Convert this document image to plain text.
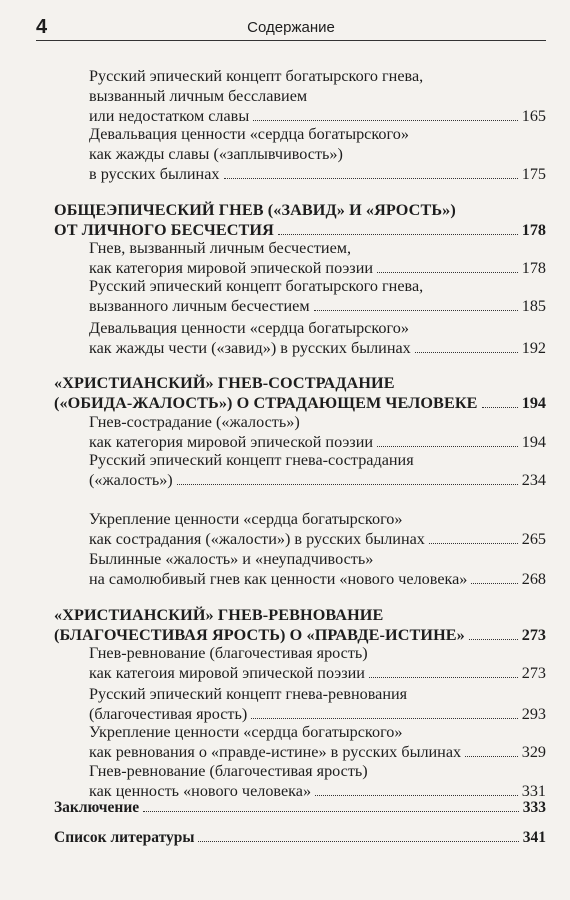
4	Содержание
Русский эпический концепт богатырского гнева,
вызванный личным бесславием
или недостатком славы	165
Девальвация ценности «сердца богатырского»
как жажды славы («заплывчивость»)
в русских былинах	175
ОБЩЕЭПИЧЕСКИЙ ГНЕВ («ЗАВИД» И «ЯРОСТЬ»)
ОТ ЛИЧНОГО БЕСЧЕСТИЯ	178
Гнев, вызванный личным бесчестием,
как категория мировой эпической поэзии	178
Русский эпический концепт богатырского гнева,
вызванного личным бесчестием	185
Девальвация ценности «сердца богатырского»
как жажды чести («завид») в русских былинах	192
«ХРИСТИАНСКИЙ» ГНЕВ-СОСТРАДАНИЕ
(«ОБИДА-ЖАЛОСТЬ») О СТРАДАЮЩЕМ ЧЕЛОВЕКЕ	194
Гнев-сострадание («жалость»)
как категория мировой эпической поэзии	194
Русский эпический концепт гнева-сострадания
(«жалость»)	234
Укрепление ценности «сердца богатырского»
как сострадания («жалости») в русских былинах	265
Былинные «жалость» и «неупадчивость»
на самолюбивый гнев как ценности «нового человека»	268
«ХРИСТИАНСКИЙ» ГНЕВ-РЕВНОВАНИЕ
(БЛАГОЧЕСТИВАЯ ЯРОСТЬ) О «ПРАВДЕ-ИСТИНЕ»	273
Гнев-ревнование (благочестивая ярость)
как категоия мировой эпической поэзии	273
Русский эпический концепт гнева-ревнования
(благочестивая ярость)	293
Укрепление ценности «сердца богатырского»
как ревнования о «правде-истине» в русских былинах	329
Гнев-ревнование (благочестивая ярость)
как ценность «нового человека»	331
Заключение	333
Список литературы	341
